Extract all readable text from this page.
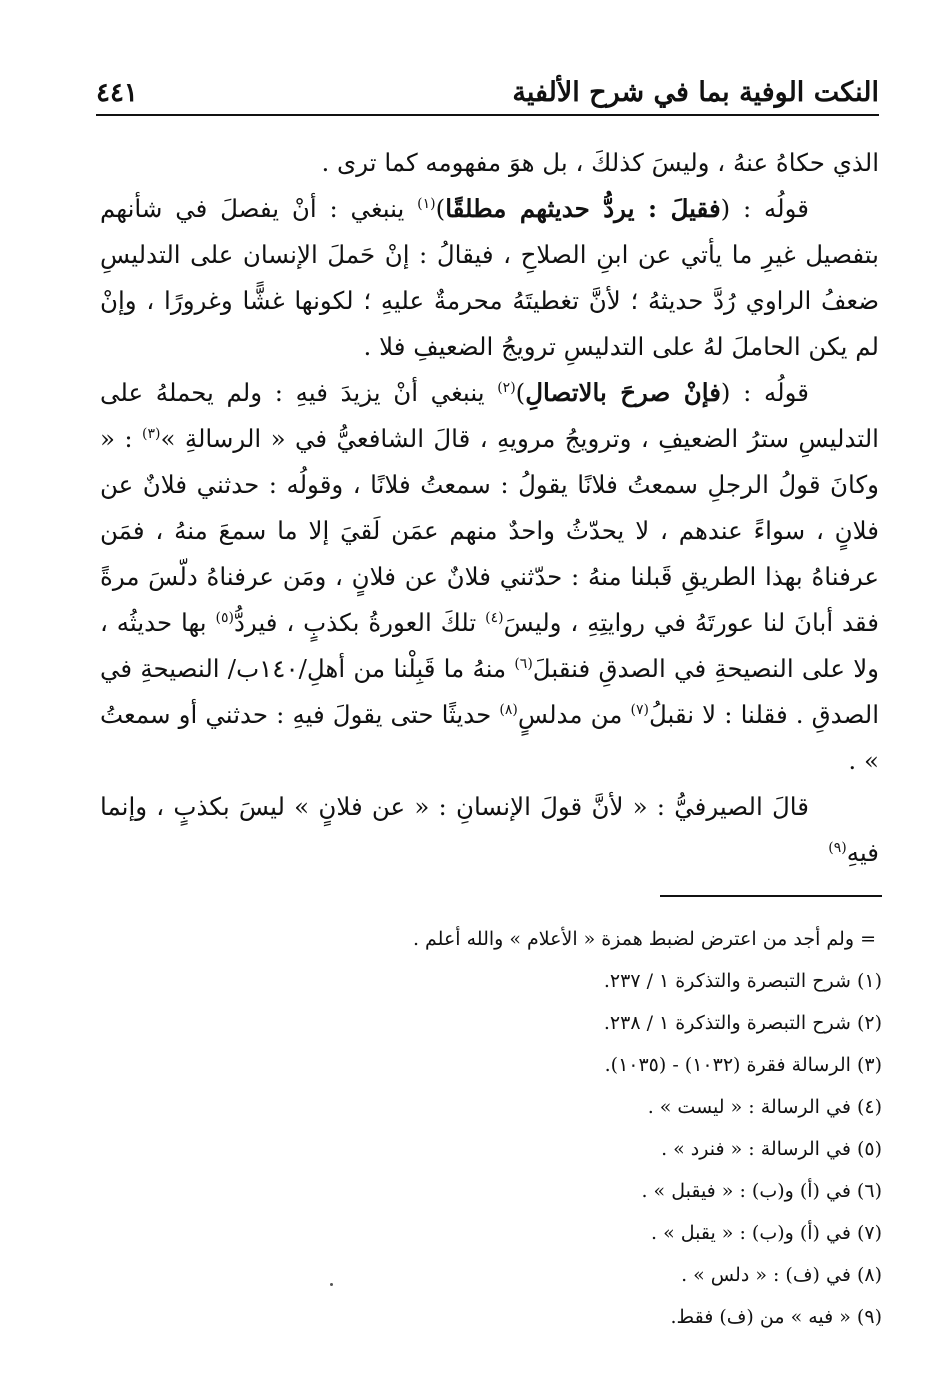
النكت الوفية بما في شرح الألفية
٤٤١

الذي حكاهُ عنهُ ، وليسَ كذلكَ ، بل هوَ مفهومه كما ترى .

قولُه : (فقيلَ : يردُّ حديثهم مطلقًا)$^{(١)}$ ينبغي : أنْ يفصلَ في شأنهم بتفصيل غيرِ ما يأتي عن ابنِ الصلاحِ ، فيقالُ : إنْ حَملَ الإنسان على التدليسِ ضعفُ الراوي رُدَّ حديثهُ ؛ لأنَّ تغطيتَهُ محرمةٌ عليهِ ؛ لكونها غشًّا وغرورًا ، وإنْ لم يكن الحاملَ لهُ على التدليسِ ترويجُ الضعيفِ فلا .

قولُه : (فإنْ صرحَ بالاتصالِ)$^{(٢)}$ ينبغي أنْ يزيدَ فيهِ : ولم يحملهُ على التدليسِ سترُ الضعيفِ ، وترويجُ مرويهِ ، قالَ الشافعيُّ في « الرسالةِ »$^{(٣)}$ : « وكانَ قولُ الرجلِ سمعتُ فلانًا يقولُ : سمعتُ فلانًا ، وقولُه : حدثني فلانٌ عن فلانٍ ، سواءً عندهم ، لا يحدّثُ واحدٌ منهم عمَن لَقيَ إلا ما سمعَ منهُ ، فمَن عرفناهُ بهذا الطريقِ قَبلنا منهُ : حدّثني فلانٌ عن فلانٍ ، ومَن عرفناهُ دلّسَ مرةً فقد أبانَ لنا عورتَهُ في روايتِهِ ، وليسَ$^{(٤)}$ تلكَ العورةُ بكذبٍ ، فيردُّ$^{(٥)}$ بها حديثُه ، ولا على النصيحةِ في الصدقِ فنقبلَ$^{(٦)}$ منهُ ما قَبِلْنا من أهلِ/١٤٠ب/ النصيحةِ في الصدقِ . فقلنا : لا نقبلُ$^{(٧)}$ من مدلسٍ$^{(٨)}$ حديثًا حتى يقولَ فيهِ : حدثني أو سمعتُ » .

قالَ الصيرفيُّ : « لأنَّ قولَ الإنسانِ : « عن فلانٍ » ليسَ بكذبٍ ، وإنما فيهِ$^{(٩)}$

= ولم أجد من اعترض لضبط همزة « الأعلام » والله أعلم .
(١) شرح التبصرة والتذكرة ١ / ٢٣٧.
(٢) شرح التبصرة والتذكرة ١ / ٢٣٨.
(٣) الرسالة فقرة (١٠٣٢) - (١٠٣٥).
(٤) في الرسالة : « ليست » .
(٥) في الرسالة : « فنرد » .
(٦) في (أ) و(ب) : « فيقبل » .
(٧) في (أ) و(ب) : « يقبل » .
(٨) في (ف) : « دلس » .
(٩) « فيه » من (ف) فقط.
